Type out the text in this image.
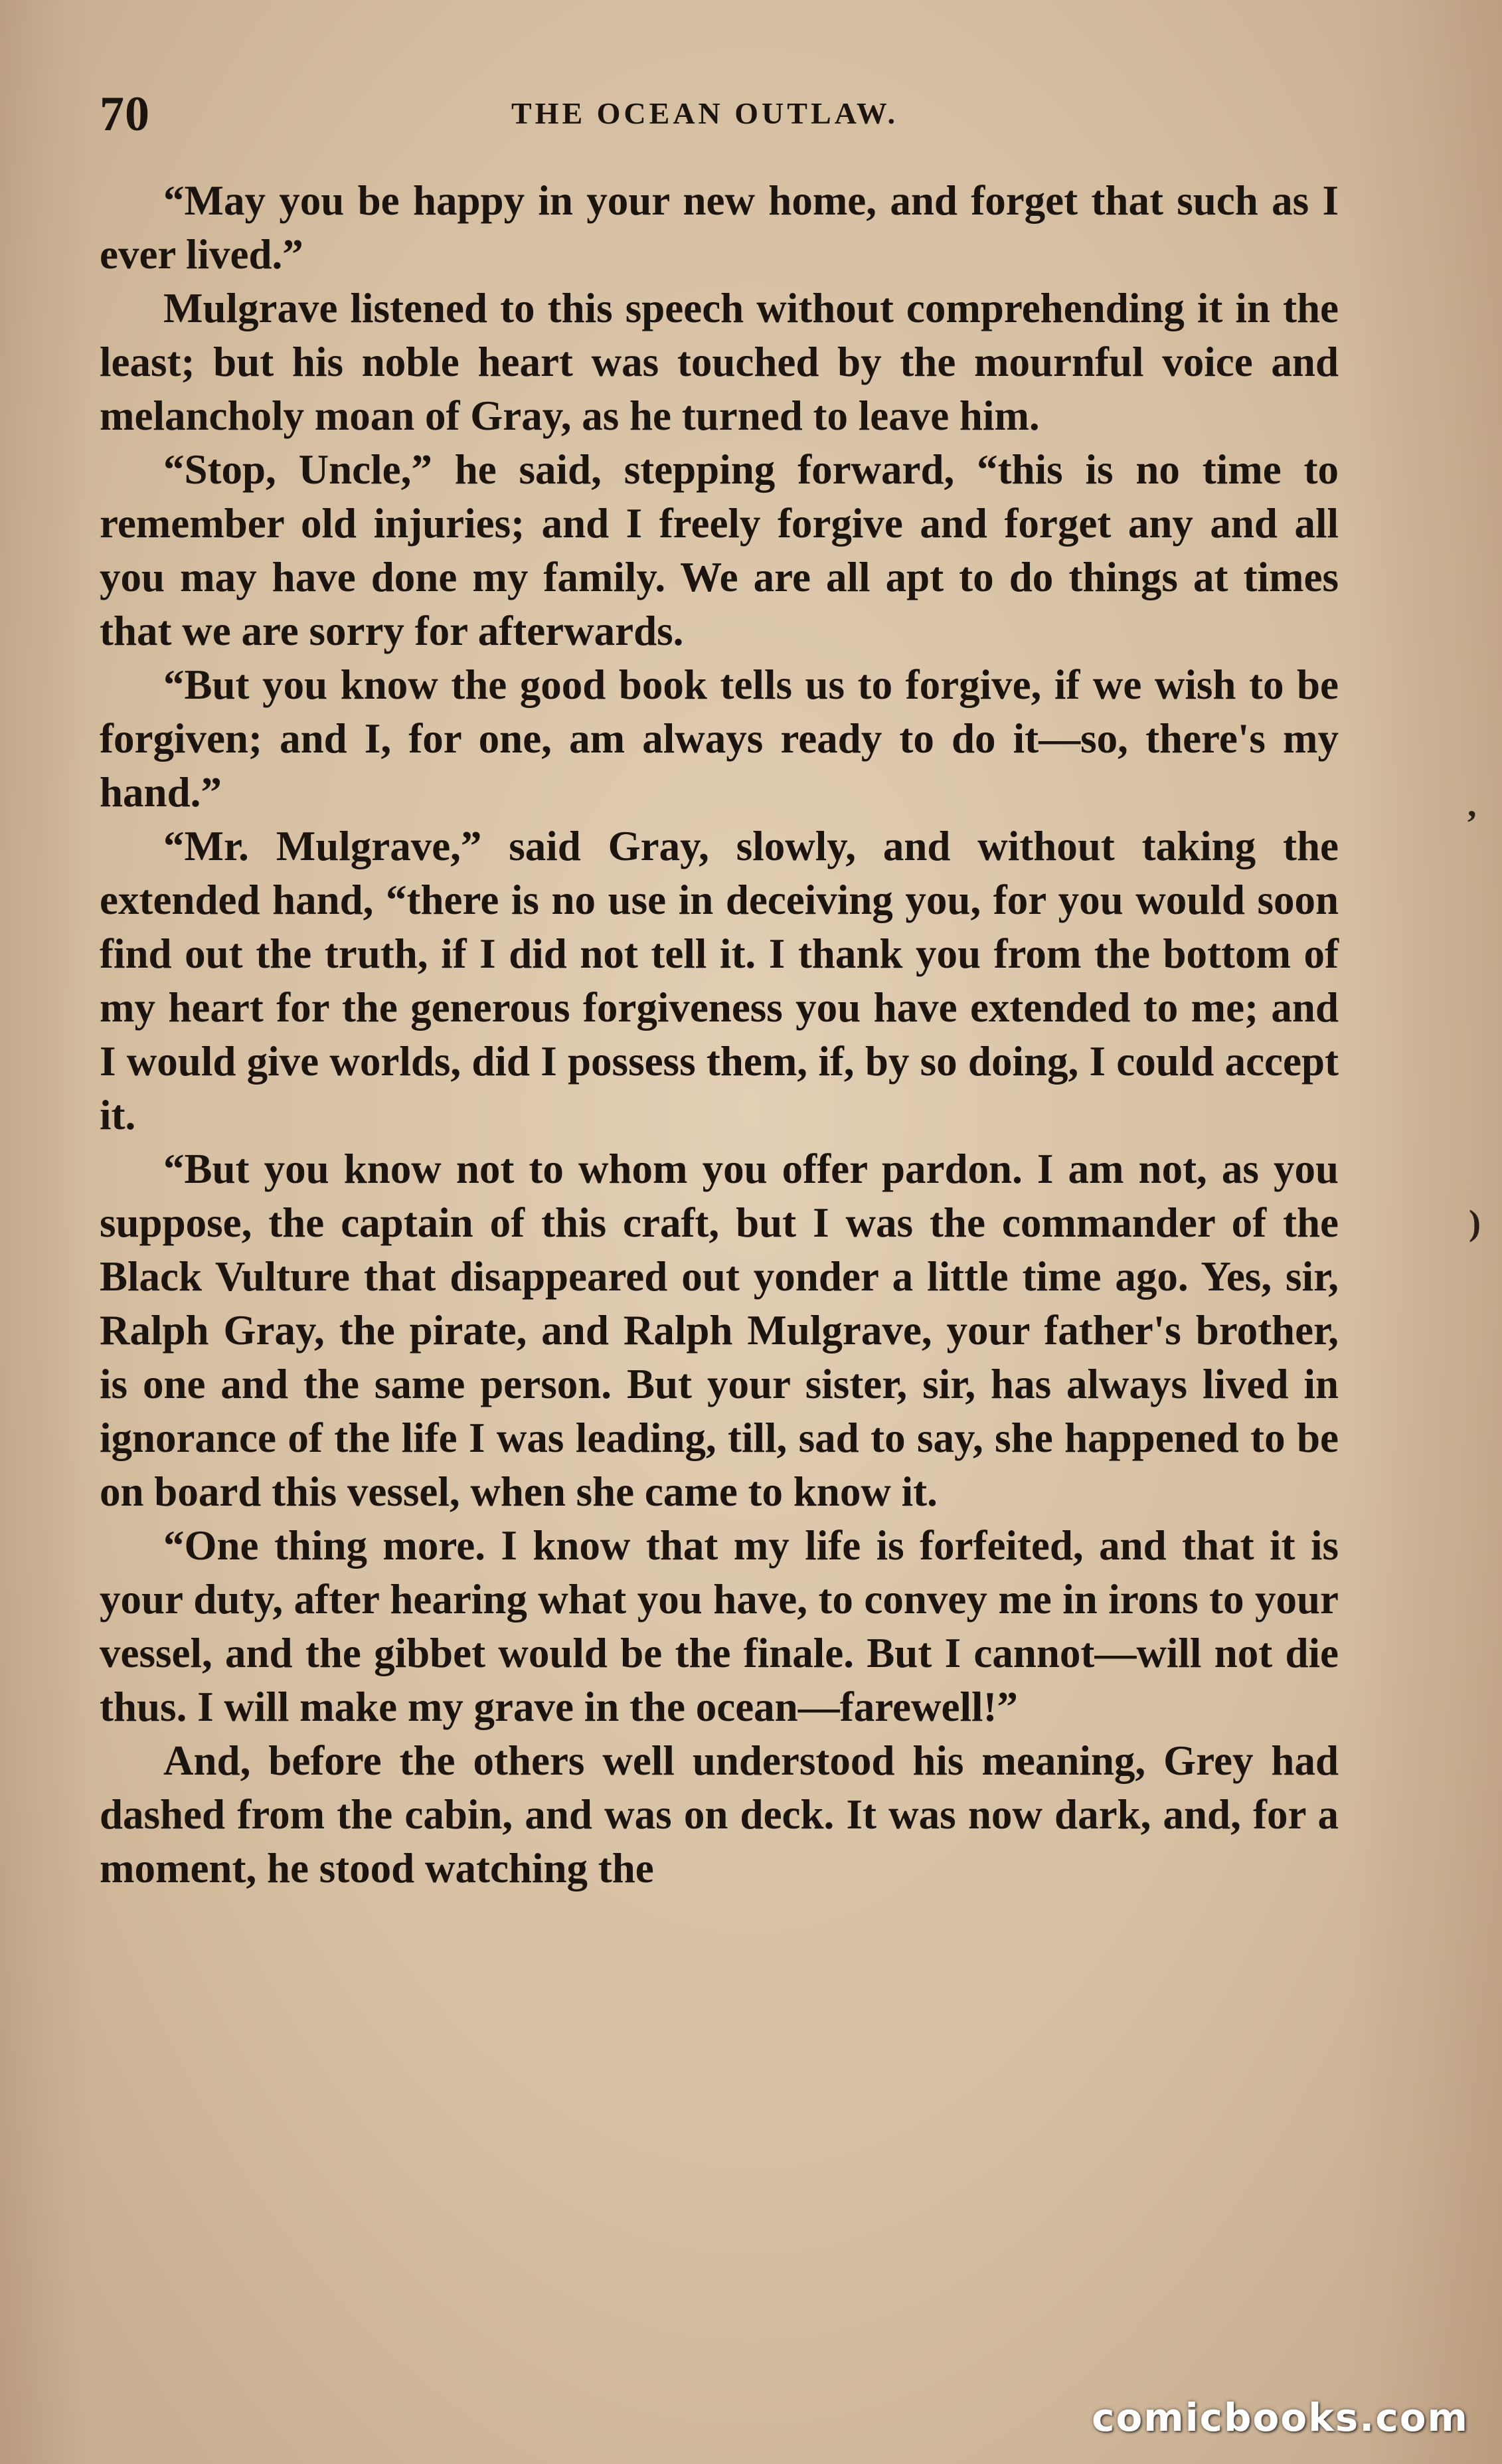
70	THE OCEAN OUTLAW.

“May you be happy in your new home, and forget that such as I ever lived.”

Mulgrave listened to this speech without comprehending it in the least; but his noble heart was touched by the mournful voice and melancholy moan of Gray, as he turned to leave him.

“Stop, Uncle,” he said, stepping forward, “this is no time to remember old injuries; and I freely forgive and forget any and all you may have done my family. We are all apt to do things at times that we are sorry for afterwards.

“But you know the good book tells us to forgive, if we wish to be forgiven; and I, for one, am always ready to do it—so, there's my hand.”

“Mr. Mulgrave,” said Gray, slowly, and without taking the extended hand, “there is no use in deceiving you, for you would soon find out the truth, if I did not tell it. I thank you from the bottom of my heart for the generous forgiveness you have extended to me; and I would give worlds, did I possess them, if, by so doing, I could accept it.

“But you know not to whom you offer pardon. I am not, as you suppose, the captain of this craft, but I was the commander of the Black Vulture that disappeared out yonder a little time ago. Yes, sir, Ralph Gray, the pirate, and Ralph Mulgrave, your father's brother, is one and the same person. But your sister, sir, has always lived in ignorance of the life I was leading, till, sad to say, she happened to be on board this vessel, when she came to know it.

“One thing more. I know that my life is forfeited, and that it is your duty, after hearing what you have, to convey me in irons to your vessel, and the gibbet would be the finale. But I cannot—will not die thus. I will make my grave in the ocean—farewell!”

And, before the others well understood his meaning, Grey had dashed from the cabin, and was on deck. It was now dark, and, for a moment, he stood watching the

,
)
comicbooks.com
